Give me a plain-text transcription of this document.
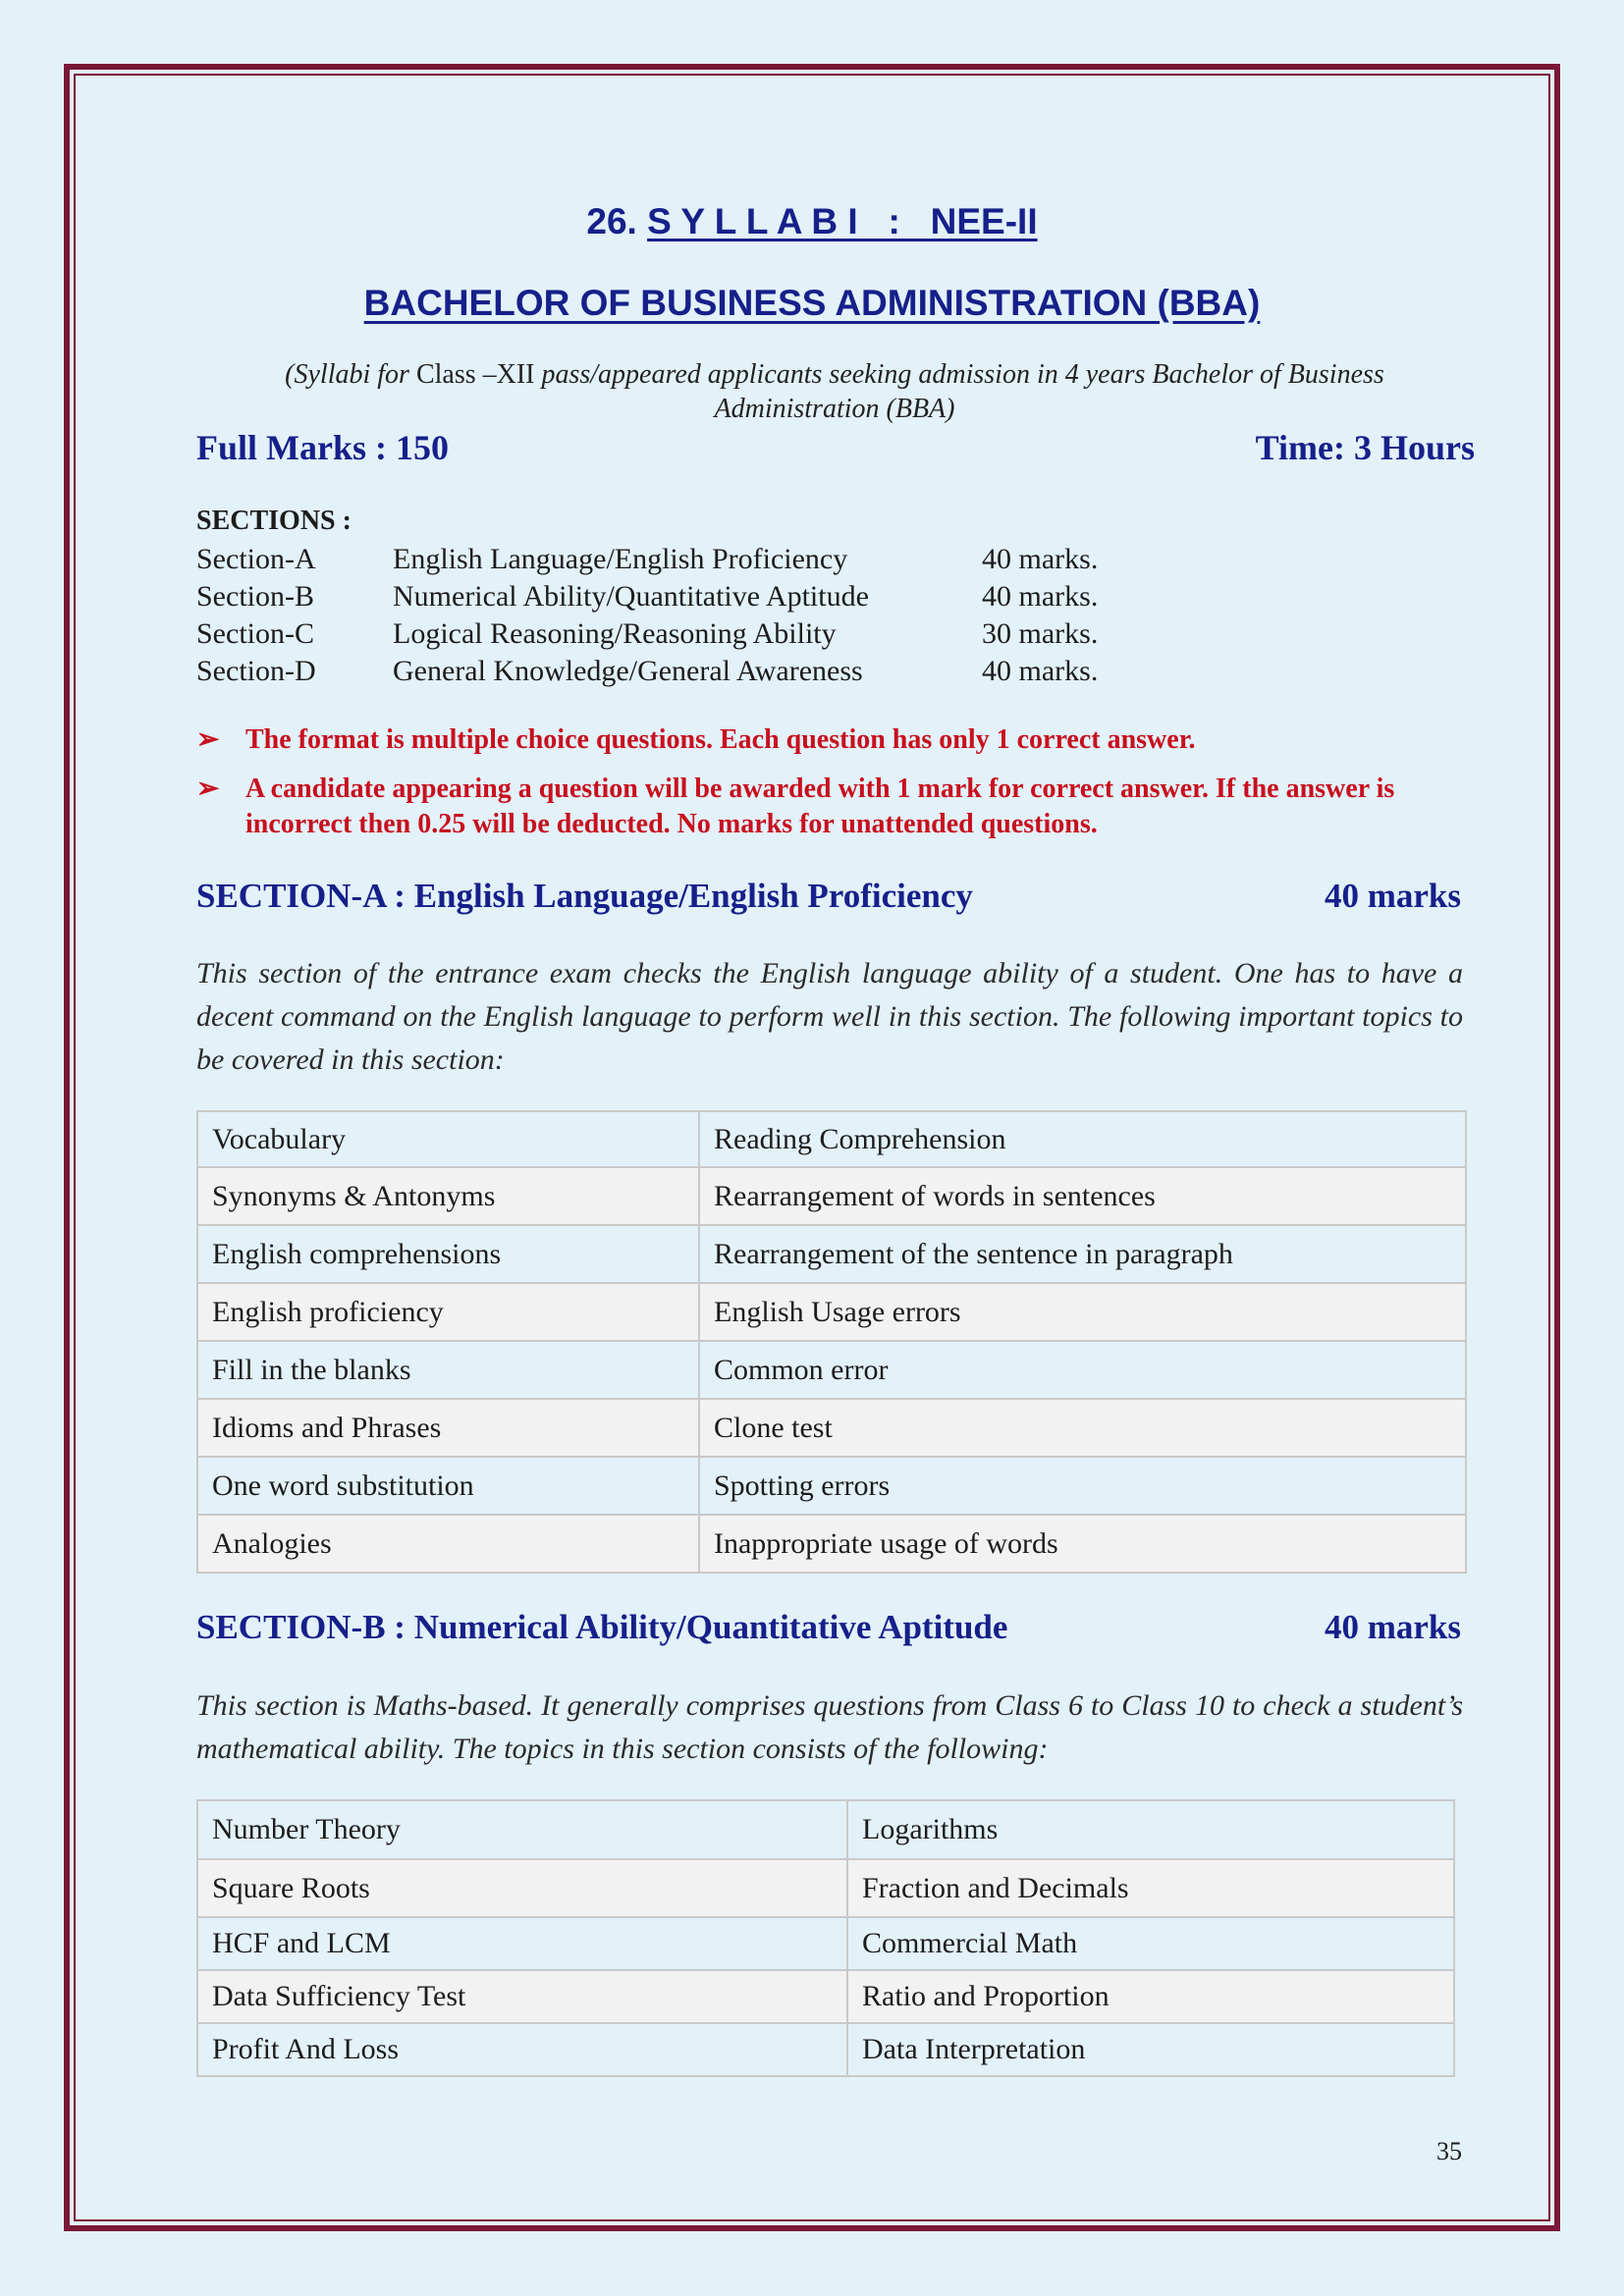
26. S Y L L A B I   :   NEE-II
BACHELOR OF BUSINESS ADMINISTRATION (BBA)
(Syllabi for Class –XII pass/appeared applicants seeking admission in 4 years Bachelor of Business Administration (BBA)
Full Marks : 150	Time: 3 Hours
SECTIONS :
Section-A	English Language/English Proficiency	40 marks.
Section-B	Numerical Ability/Quantitative Aptitude	40 marks.
Section-C	Logical Reasoning/Reasoning Ability	30 marks.
Section-D	General Knowledge/General Awareness	40 marks.
➢ The format is multiple choice questions. Each question has only 1 correct answer.
➢ A candidate appearing a question will be awarded with 1 mark for correct answer. If the answer is incorrect then 0.25 will be deducted. No marks for unattended questions.
SECTION-A : English Language/English Proficiency	40 marks
This section of the entrance exam checks the English language ability of a student. One has to have a decent command on the English language to perform well in this section. The following important topics to be covered in this section:
Vocabulary	Reading Comprehension
Synonyms & Antonyms	Rearrangement of words in sentences
English comprehensions	Rearrangement of the sentence in paragraph
English proficiency	English Usage errors
Fill in the blanks	Common error
Idioms and Phrases	Clone test
One word substitution	Spotting errors
Analogies	Inappropriate usage of words
SECTION-B : Numerical Ability/Quantitative Aptitude	40 marks
This section is Maths-based. It generally comprises questions from Class 6 to Class 10 to check a student’s mathematical ability. The topics in this section consists of the following:
Number Theory	Logarithms
Square Roots	Fraction and Decimals
HCF and LCM	Commercial Math
Data Sufficiency Test	Ratio and Proportion
Profit And Loss	Data Interpretation
35
